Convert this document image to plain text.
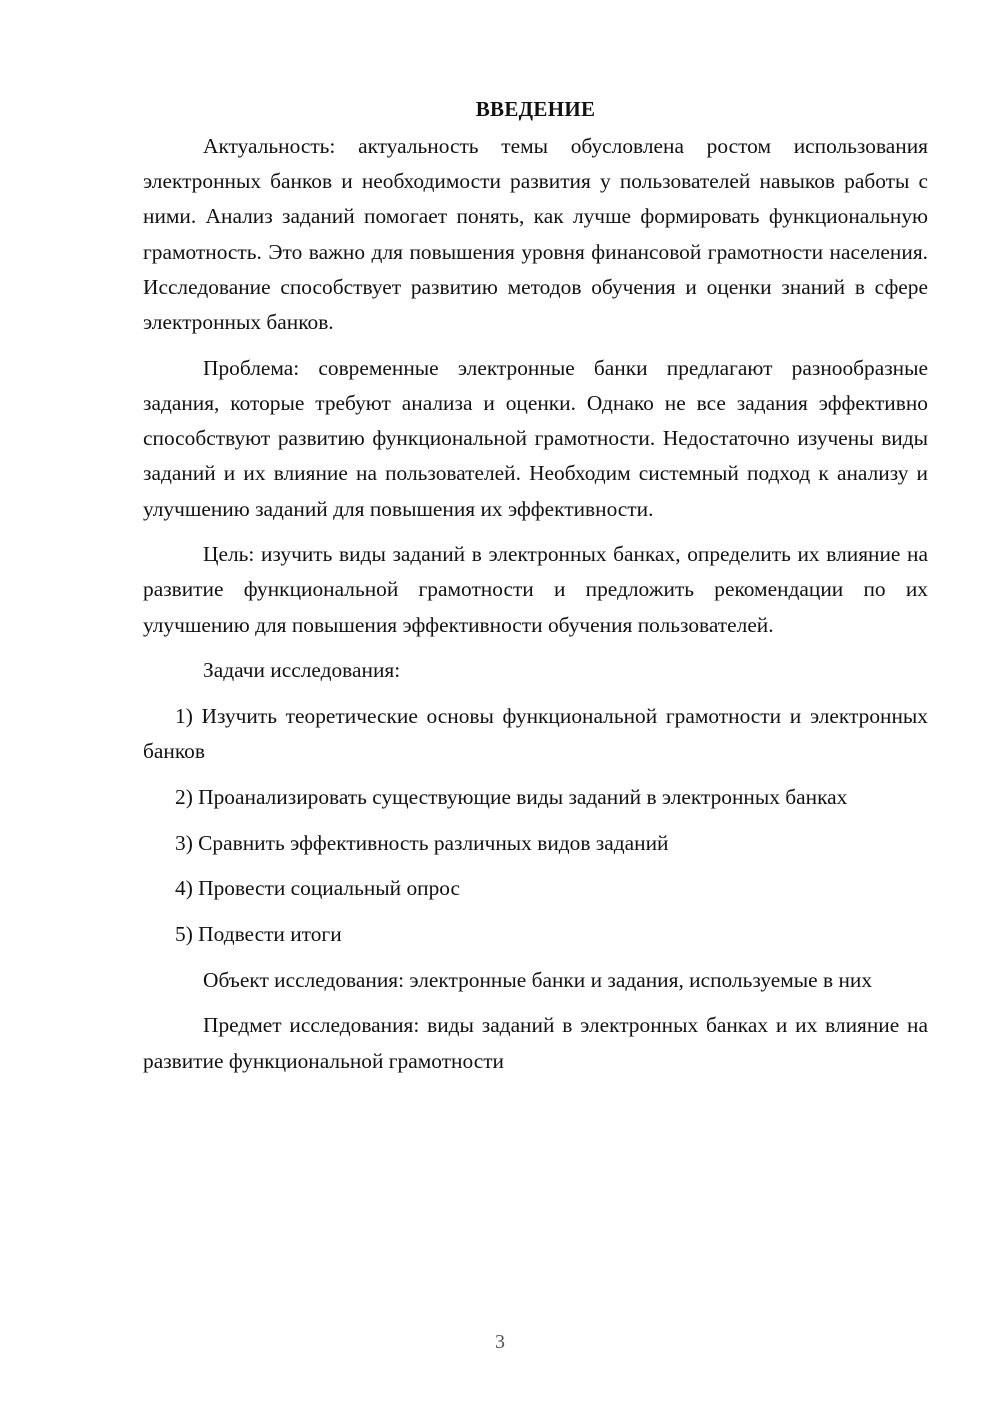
ВВЕДЕНИЕ

Актуальность: актуальность темы обусловлена ростом использования электронных банков и необходимости развития у пользователей навыков работы с ними. Анализ заданий помогает понять, как лучше формировать функциональную грамотность. Это важно для повышения уровня финансовой грамотности населения. Исследование способствует развитию методов обучения и оценки знаний в сфере электронных банков.

Проблема: современные электронные банки предлагают разнообразные задания, которые требуют анализа и оценки. Однако не все задания эффективно способствуют развитию функциональной грамотности. Недостаточно изучены виды заданий и их влияние на пользователей. Необходим системный подход к анализу и улучшению заданий для повышения их эффективности.

Цель: изучить виды заданий в электронных банках, определить их влияние на развитие функциональной грамотности и предложить рекомендации по их улучшению для повышения эффективности обучения пользователей.

Задачи исследования:

1) Изучить теоретические основы функциональной грамотности и электронных банков

2) Проанализировать существующие виды заданий в электронных банках

3) Сравнить эффективность различных видов заданий

4) Провести социальный опрос

5) Подвести итоги

Объект исследования: электронные банки и задания, используемые в них

Предмет исследования: виды заданий в электронных банках и их влияние на развитие функциональной грамотности

3
